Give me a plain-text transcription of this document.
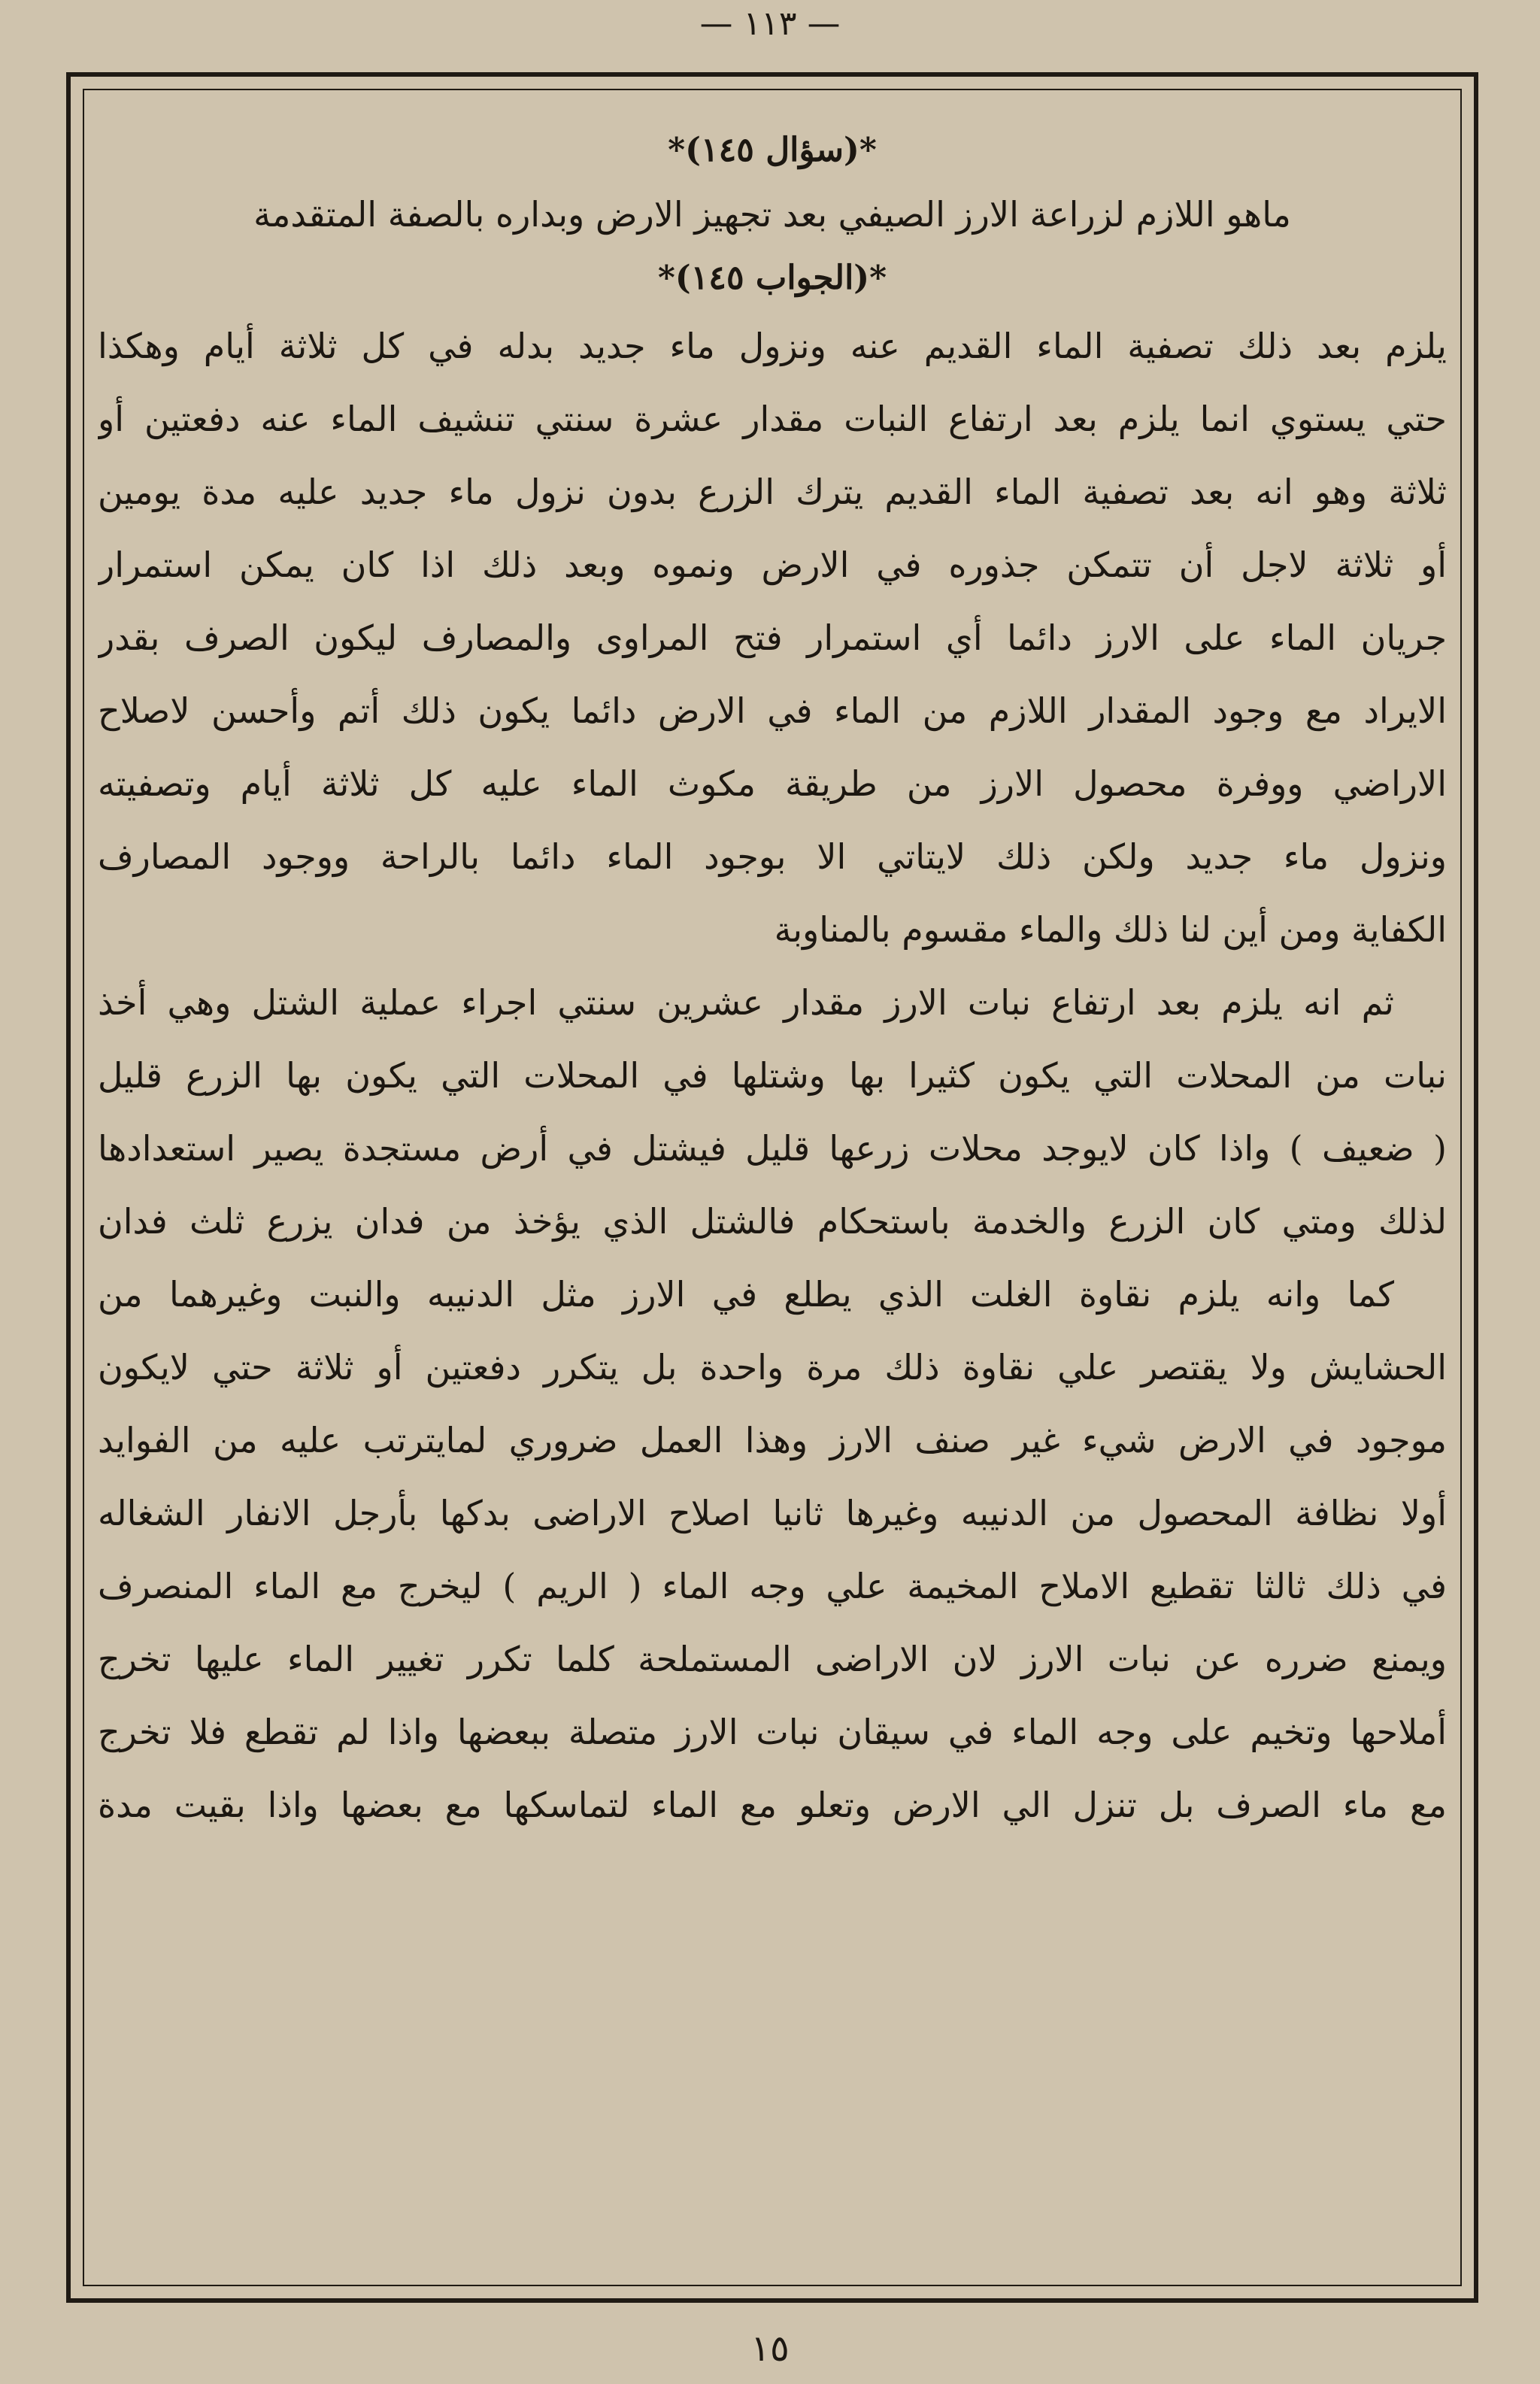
— ١١٣ —
*(سؤال ١٤٥)*
ماهو اللازم لزراعة الارز الصيفي بعد تجهيز الارض وبداره بالصفة المتقدمة
*(الجواب ١٤٥)*
يلزم بعد ذلك تصفية الماء القديم عنه ونزول ماء جديد بدله في كل ثلاثة أيام وهكذا
حتي يستوي انما يلزم بعد ارتفاع النبات مقدار عشرة سنتي تنشيف الماء عنه دفعتين أو
ثلاثة وهو انه بعد تصفية الماء القديم يترك الزرع بدون نزول ماء جديد عليه مدة يومين
أو ثلاثة لاجل أن تتمكن جذوره في الارض ونموه وبعد ذلك اذا كان يمكن استمرار
جريان الماء على الارز دائما أي استمرار فتح المراوى والمصارف ليكون الصرف بقدر
الايراد مع وجود المقدار اللازم من الماء في الارض دائما يكون ذلك أتم وأحسن لاصلاح
الاراضي ووفرة محصول الارز من طريقة مكوث الماء عليه كل ثلاثة أيام وتصفيته
ونزول ماء جديد ولكن ذلك لايتاتي الا بوجود الماء دائما بالراحة ووجود المصارف
الكفاية ومن أين لنا ذلك والماء مقسوم بالمناوبة
ثم انه يلزم بعد ارتفاع نبات الارز مقدار عشرين سنتي اجراء عملية الشتل وهي أخذ
نبات من المحلات التي يكون كثيرا بها وشتلها في المحلات التي يكون بها الزرع قليل
( ضعيف ) واذا كان لايوجد محلات زرعها قليل فيشتل في أرض مستجدة يصير استعدادها
لذلك ومتي كان الزرع والخدمة باستحكام فالشتل الذي يؤخذ من فدان يزرع ثلث فدان
كما وانه يلزم نقاوة الغلت الذي يطلع في الارز مثل الدنيبه والنبت وغيرهما من
الحشايش ولا يقتصر علي نقاوة ذلك مرة واحدة بل يتكرر دفعتين أو ثلاثة حتي لايكون
موجود في الارض شيء غير صنف الارز وهذا العمل ضروري لمايترتب عليه من الفوايد
أولا نظافة المحصول من الدنيبه وغيرها ثانيا اصلاح الاراضى بدكها بأرجل الانفار الشغاله
في ذلك ثالثا تقطيع الاملاح المخيمة علي وجه الماء ( الريم ) ليخرج مع الماء المنصرف
ويمنع ضرره عن نبات الارز لان الاراضى المستملحة كلما تكرر تغيير الماء عليها تخرج
أملاحها وتخيم على وجه الماء في سيقان نبات الارز متصلة ببعضها واذا لم تقطع فلا تخرج
مع ماء الصرف بل تنزل الي الارض وتعلو مع الماء لتماسكها مع بعضها واذا بقيت مدة
١٥
